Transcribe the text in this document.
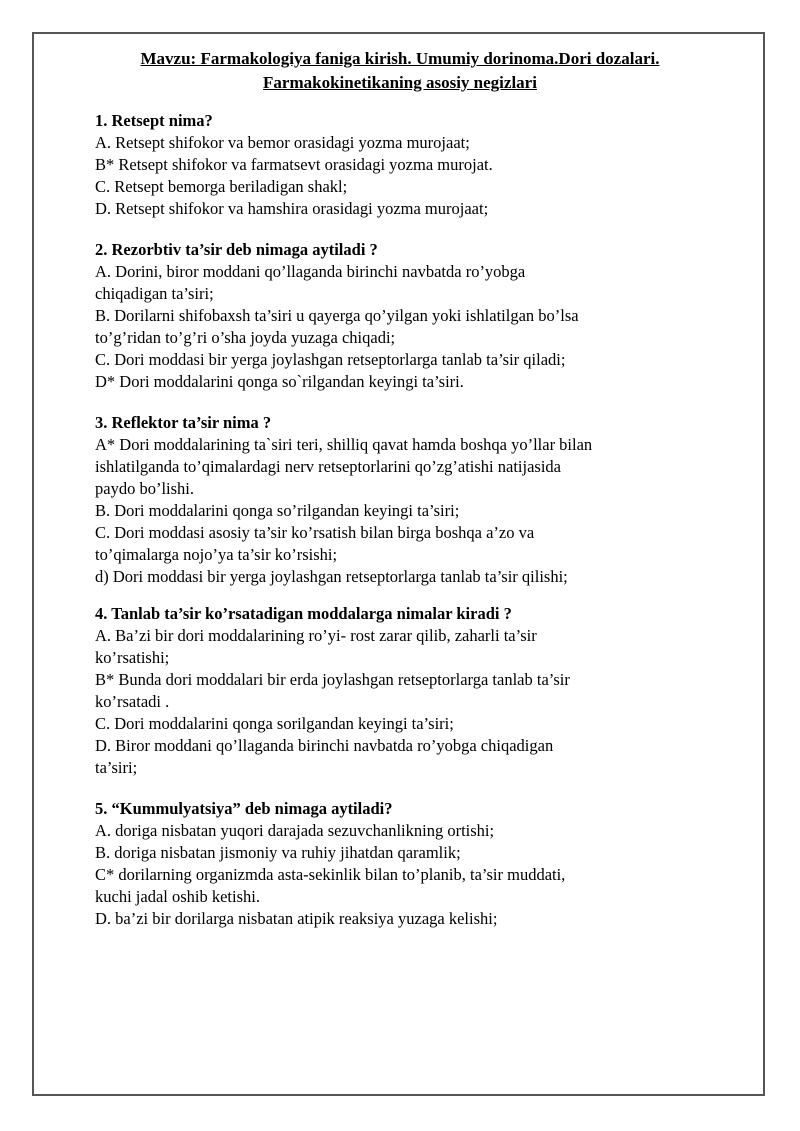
Mavzu: Farmakologiya faniga kirish. Umumiy dorinoma.Dori dozalari.
Farmakokinetikaning asosiy negizlari
1. Retsept nima?
A. Retsept shifokor va bemor orasidagi yozma murojaat;
B* Retsept shifokor va farmatsevt orasidagi yozma murojat.
C. Retsept bemorga beriladigan shakl;
D. Retsept shifokor va hamshira orasidagi yozma murojaat;
2. Rezorbtiv ta’sir deb nimaga aytiladi ?
A. Dorini, biror moddani qo’llaganda birinchi navbatda ro’yobga
chiqadigan ta’siri;
B. Dorilarni shifobaxsh ta’siri u qayerga qo’yilgan yoki ishlatilgan bo’lsa
to’g’ridan to’g’ri o’sha joyda yuzaga chiqadi;
C. Dori moddasi bir yerga joylashgan retseptorlarga tanlab ta’sir qiladi;
D* Dori moddalarini qonga so`rilgandan keyingi ta’siri.
3. Reflektor ta’sir nima ?
A* Dori moddalarining ta`siri teri, shilliq qavat hamda boshqa yo’llar bilan
ishlatilganda to’qimalardagi nerv retseptorlarini qo’zg’atishi natijasida
paydo bo’lishi.
B. Dori moddalarini qonga so’rilgandan keyingi ta’siri;
C. Dori moddasi asosiy ta’sir ko’rsatish bilan birga boshqa a’zo va
to’qimalarga nojo’ya ta’sir ko’rsishi;
d) Dori moddasi bir yerga joylashgan retseptorlarga tanlab ta’sir qilishi;
4. Tanlab ta’sir ko’rsatadigan moddalarga nimalar kiradi ?
A. Ba’zi bir dori moddalarining ro’yi- rost zarar qilib, zaharli ta’sir
ko’rsatishi;
B* Bunda dori moddalari bir erda joylashgan retseptorlarga tanlab ta’sir
ko’rsatadi .
C. Dori moddalarini qonga sorilgandan keyingi ta’siri;
D. Biror moddani qo’llaganda birinchi navbatda ro’yobga chiqadigan
ta’siri;
5. “Kummulyatsiya” deb nimaga aytiladi?
A. doriga nisbatan yuqori darajada sezuvchanlikning ortishi;
B. doriga nisbatan jismoniy va ruhiy jihatdan qaramlik;
C* dorilarning organizmda asta-sekinlik bilan to’planib, ta’sir muddati,
kuchi jadal oshib ketishi.
D. ba’zi bir dorilarga nisbatan atipik reaksiya yuzaga kelishi;
